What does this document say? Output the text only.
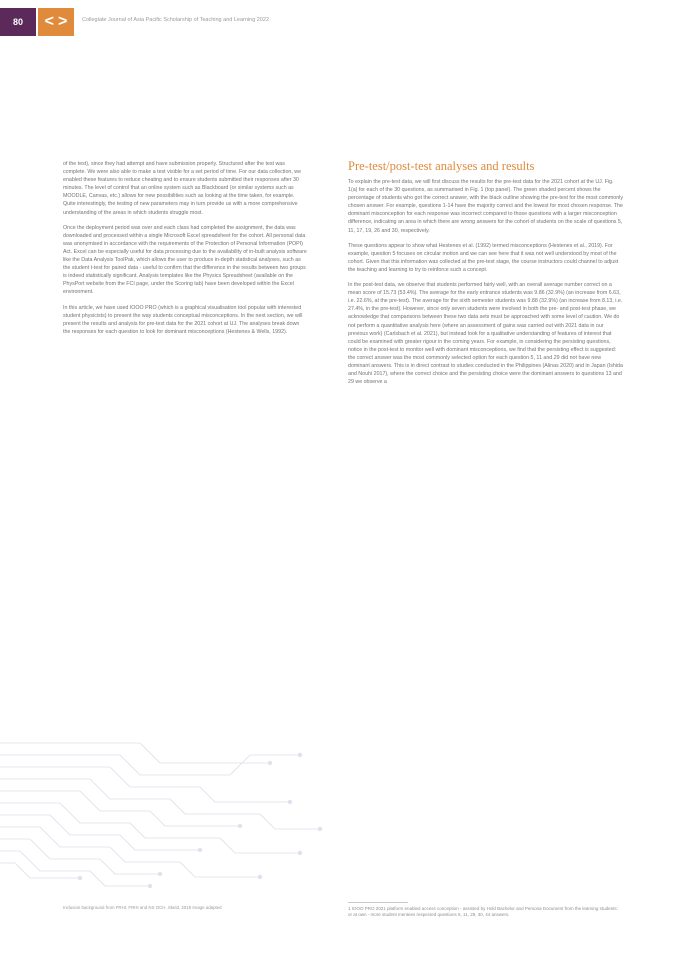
80	< >	Collegiate Journal of Asia Pacific Scholarship of Teaching and Learning 2022

of the test), since they had attempt and have submission properly. Structured after the test was complete. We were also able to make a test visible for a set period of time. For our data collection, we enabled these features to reduce cheating and to ensure students submitted their responses after 30 minutes. The level of control that an online system such as Blackboard (or similar systems such as MOODLE, Canvas, etc.) allows for new possibilities such as looking at the time taken, for example. Quite interestingly, the testing of new parameters may in turn provide us with a more comprehensive understanding of the areas in which students struggle most.

Once the deployment period was over and each class had completed the assignment, the data was downloaded and processed within a single Microsoft Excel spreadsheet for the cohort. All personal data was anonymised in accordance with the requirements of the Protection of Personal Information (POPI) Act. Excel can be especially useful for data processing due to the availability of in-built analysis software like the Data Analysis ToolPak, which allows the user to produce in-depth statistical analyses, such as the student t-test for paired data - useful to confirm that the difference in the results between two groups is indeed statistically significant. Analysis templates like the Physics Spreadsheet (available on the PhysPort website from the FCI page, under the Scoring tab) have been developed within the Excel environment.

In this article, we have used IOOO PRO (which is a graphical visualisation tool popular with interested student physicists) to present the way students conceptual misconceptions. In the next section, we will present the results and analysis for pre-test data for the 2021 cohort at UJ. The analyses break down the responses for each question to look for dominant misconceptions (Hestenes & Wells, 1992).

Pre-test/post-test analyses and results

To explain the pre-test data, we will first discuss the results for the pre-test data for the 2021 cohort at the UJ. Fig. 1(a) for each of the 30 questions, as summarised in Fig. 1 (top panel). The green shaded percent shows the percentage of students who got the correct answer, with the black outline showing the pre-test for the most commonly chosen answer. For example, questions 1-14 have the majority correct and the lowest for most chosen response. The dominant misconception for each response was incorrect compared to those questions with a larger misconception difference, indicating an area in which there are wrong answers for the cohort of students on the scale of questions 5, 11, 17, 19, 26 and 30, respectively.

These questions appear to show what Hestenes et al. (1992) termed misconceptions (Hestenes et al., 2019). For example, question 5 focuses on circular motion and we can see here that it was not well understood by most of the cohort. Given that this information was collected at the pre-test stage, the course instructors could channel to adjust the teaching and learning to try to reinforce such a concept.

In the post-test data, we observe that students performed fairly well, with an overall average number correct on a mean score of 15.73 (53.4%). The average for the early entrance students was 9.86 (32.9%) (an increase from 6.63, i.e. 22.6%, at the pre-test). The average for the sixth semester students was 9.88 (32.9%) (an increase from 8.13, i.e. 27.4%, in the pre-test). However, since only seven students were involved in both the pre- and post-test phase, we acknowledge that comparisons between these two data sets must be approached with some level of caution. We do not perform a quantitative analysis here (where an assessment of gains was carried out with 2021 data in our previous work) (Carlsbach et al. 2021), but instead look for a qualitative understanding of features of interest that could be examined with greater rigour in the coming years. For example, in considering the persisting questions, notice in the post-test to monitor well with dominant misconceptions, we find that the persisting effect is suggested: the correct answer was the most commonly selected option for each question 5, 11 and 29 did not have new dominant answers. This is in direct contrast to studies conducted in the Philippines (Alinas 2020) and in Japan (Ishida and Nouhi 2017), where the correct choice and the persisting choice were the dominant answers to questions 13 and 29 we observe a

Inclusion background from FRHI; FRHI and NS OCH, Skeld, 2019 Image adapted	1 IOOO PRO 2021 platform enabled access conception - assisted by Hold Bachelor and Persona Document from the learning students: or at own - more student mentees respected questions 5, 11, 29, 30, 44 answers.
